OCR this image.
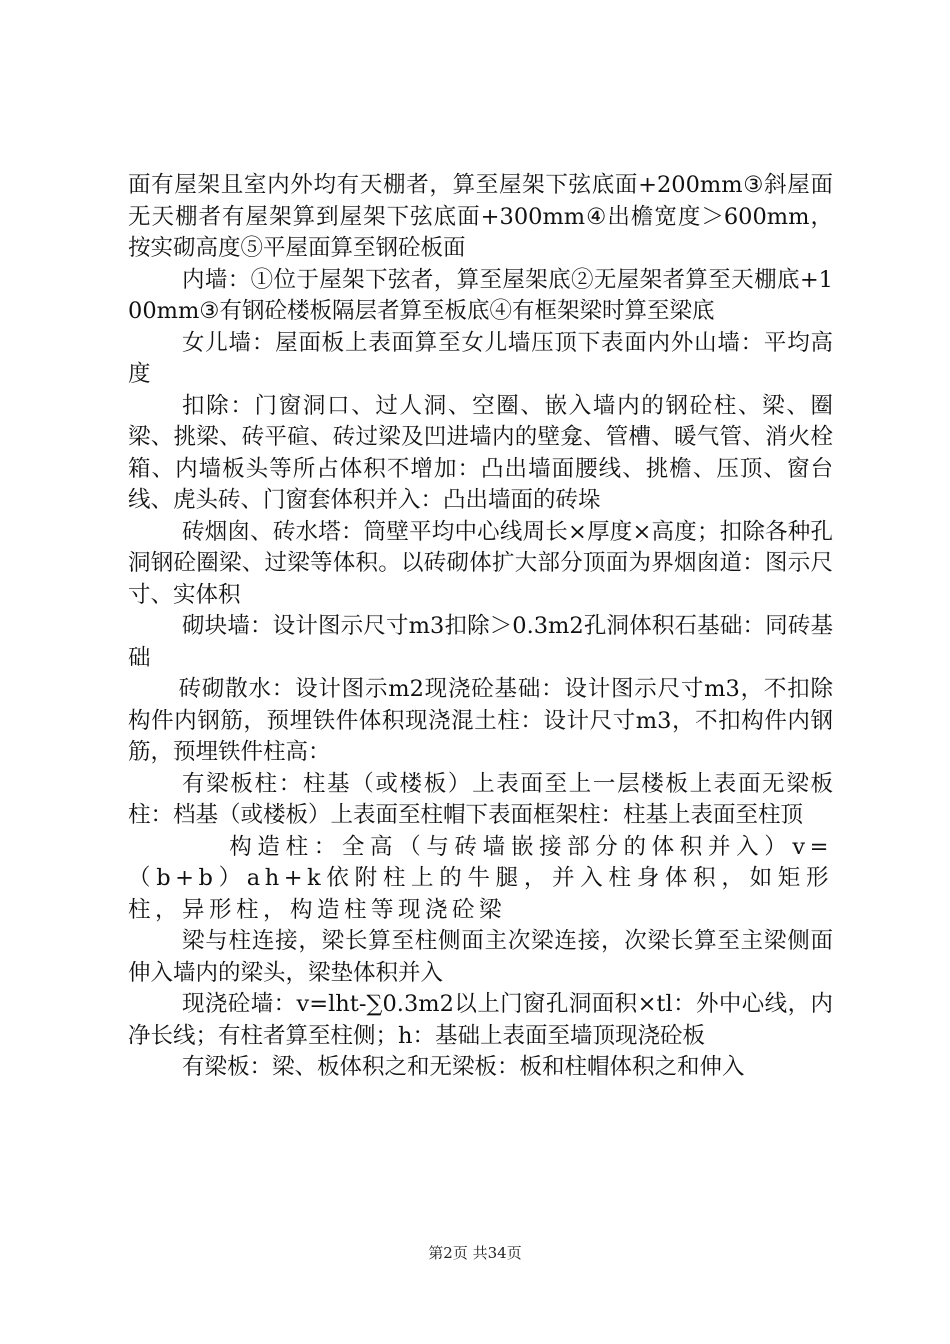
面有屋架且室内外均有天棚者，算至屋架下弦底面+200mm③斜屋面无天棚者有屋架算到屋架下弦底面+300mm④出檐宽度＞600mm，按实砌高度⑤平屋面算至钢砼板面

内墙：①位于屋架下弦者，算至屋架底②无屋架者算至天棚底+100mm③有钢砼楼板隔层者算至板底④有框架梁时算至梁底

女儿墙：屋面板上表面算至女儿墙压顶下表面内外山墙：平均高度

扣除：门窗洞口、过人洞、空圈、嵌入墙内的钢砼柱、梁、圈梁、挑梁、砖平碹、砖过梁及凹进墙内的壁龛、管槽、暖气管、消火栓箱、内墙板头等所占体积不增加：凸出墙面腰线、挑檐、压顶、窗台线、虎头砖、门窗套体积并入：凸出墙面的砖垛

砖烟囱、砖水塔：筒壁平均中心线周长×厚度×高度；扣除各种孔洞钢砼圈梁、过梁等体积。以砖砌体扩大部分顶面为界烟囱道：图示尺寸、实体积

砌块墙：设计图示尺寸m3扣除＞0.3m2孔洞体积石基础：同砖基础

砖砌散水：设计图示m2现浇砼基础：设计图示尺寸m3，不扣除构件内钢筋，预埋铁件体积现浇混土柱：设计尺寸m3，不扣构件内钢筋，预埋铁件柱高：

有梁板柱：柱基（或楼板）上表面至上一层楼板上表面无梁板柱：档基（或楼板）上表面至柱帽下表面框架柱：柱基上表面至柱顶

构造柱：全高（与砖墙嵌接部分的体积并入）v=（b+b）ah+k依附柱上的牛腿，并入柱身体积，如矩形柱，异形柱，构造柱等现浇砼梁

梁与柱连接，梁长算至柱侧面主次梁连接，次梁长算至主梁侧面伸入墙内的梁头，梁垫体积并入

现浇砼墙：v=lht-∑0.3m2以上门窗孔洞面积×tl：外中心线，内净长线；有柱者算至柱侧；h：基础上表面至墙顶现浇砼板

有梁板：梁、板体积之和无梁板：板和柱帽体积之和伸入

第2页 共34页
